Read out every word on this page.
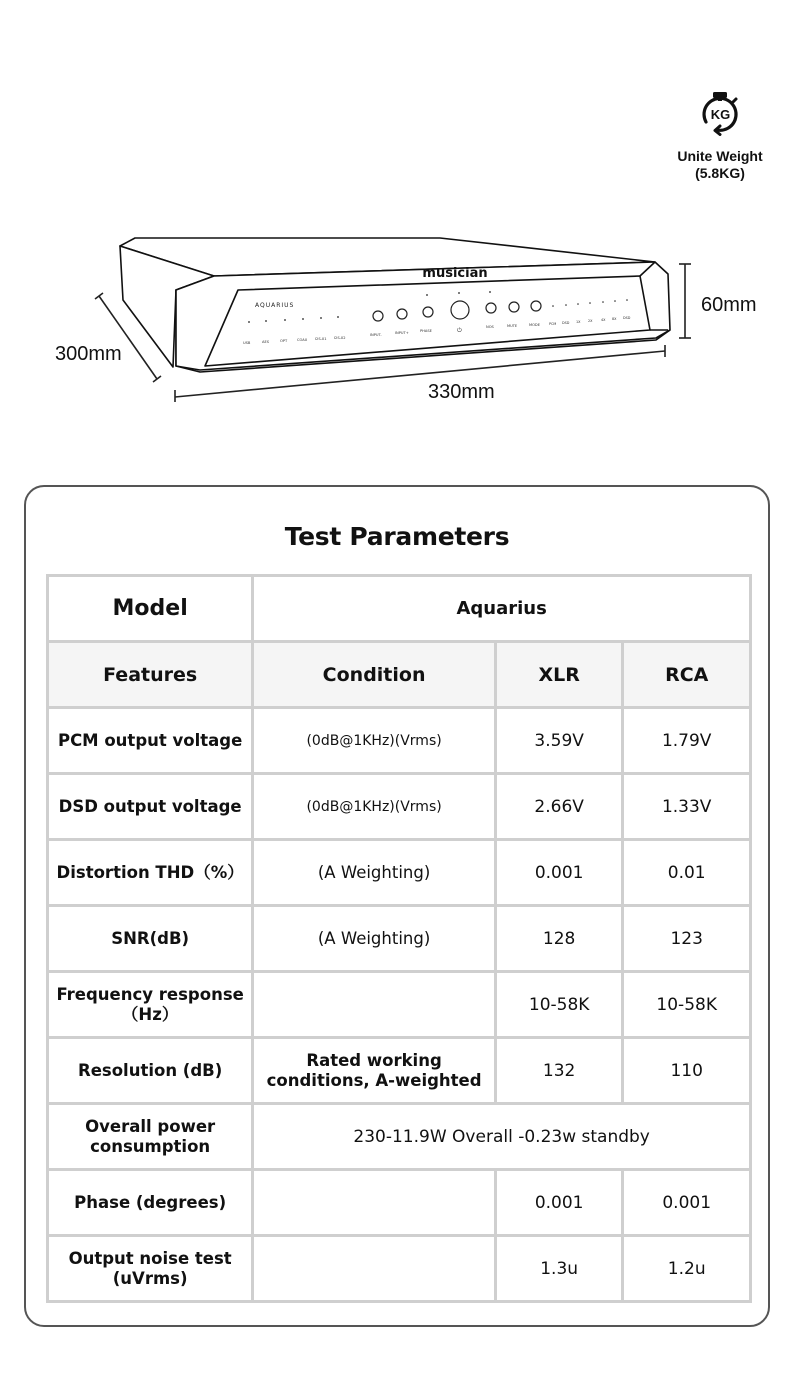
KG
Unite Weight
(5.8KG)
musician
AQUARIUS
USB	AES	OPT	COAX I2S-X1 I2S-X2
INPUT-	INPUT+	PHASE
NOS	MUTE	MODE
⏻
PCM DSD 1X 2X	4X 8X DSD
300mm
330mm
60mm
Test Parameters
Model	Aquarius		
Features	Condition	XLR	RCA
PCM output voltage	(0dB@1KHz)(Vrms)	3.59V	1.79V
DSD output voltage	(0dB@1KHz)(Vrms)	2.66V	1.33V
Distortion THD（%）	(A Weighting)	0.001	0.01
SNR(dB)	(A Weighting)	128	123
Frequency response（Hz）		10-58K	10-58K
Resolution (dB)	Rated working conditions, A-weighted	132	110
Overall power consumption	230-11.9W Overall -0.23w standby		
Phase (degrees)		0.001	0.001
Output noise test (uVrms)		1.3u	1.2u
